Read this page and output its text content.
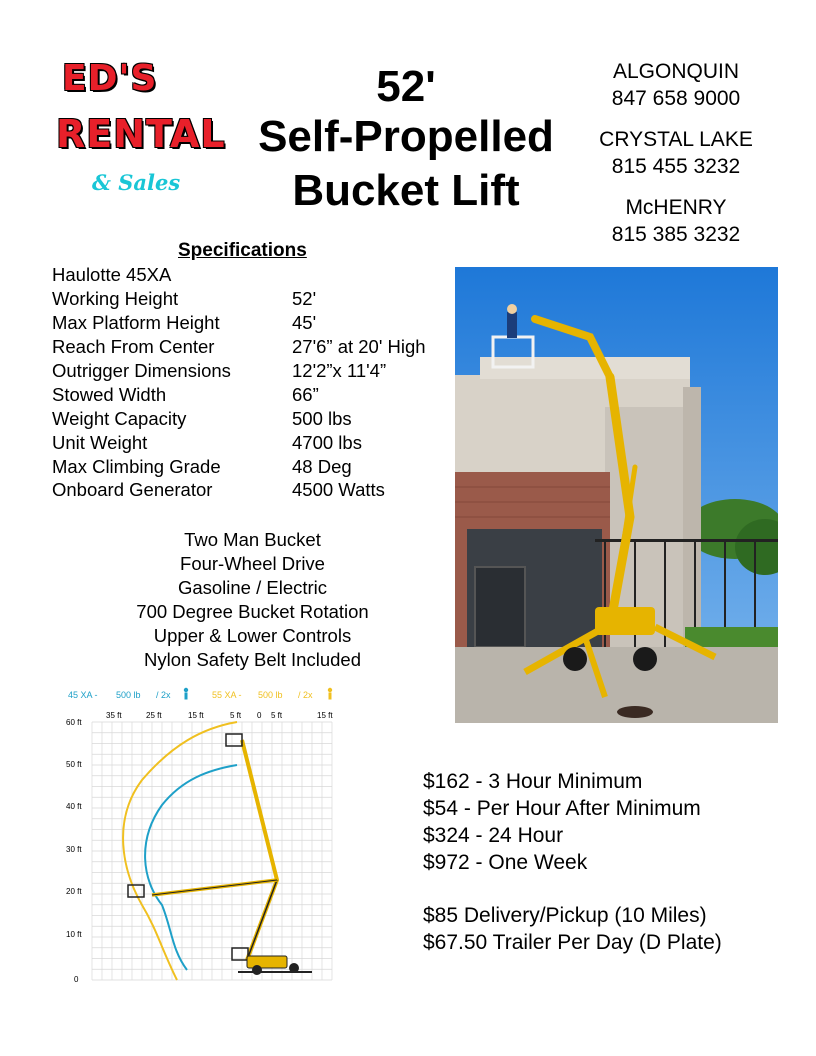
ED'S
RENTAL
& Sales
52'
Self-Propelled
Bucket Lift
ALGONQUIN
847 658 9000
CRYSTAL LAKE
815 455 3232
McHENRY
815 385 3232
Specifications
Haulotte 45XA
Working Height	52'
Max Platform Height	45'
Reach From Center	27'6” at 20' High
Outrigger Dimensions	12'2”x 11'4”
Stowed Width	66”
Weight Capacity	500 lbs
Unit Weight	4700 lbs
Max Climbing Grade	48 Deg
Onboard Generator	4500 Watts
Two Man Bucket
Four-Wheel Drive
Gasoline / Electric
700 Degree Bucket Rotation
Upper & Lower Controls
Nylon Safety Belt Included
45 XA - 500 lb / 2x	55 XA - 500 lb / 2x
35 ft	25 ft	15 ft	5 ft 0 5 ft	15 ft
60 ft
50 ft
40 ft
30 ft
20 ft
10 ft
0
$162 - 3 Hour Minimum
$54 - Per Hour After Minimum
$324 - 24 Hour
$972 - One Week
$85 Delivery/Pickup (10 Miles)
$67.50 Trailer Per Day (D Plate)
